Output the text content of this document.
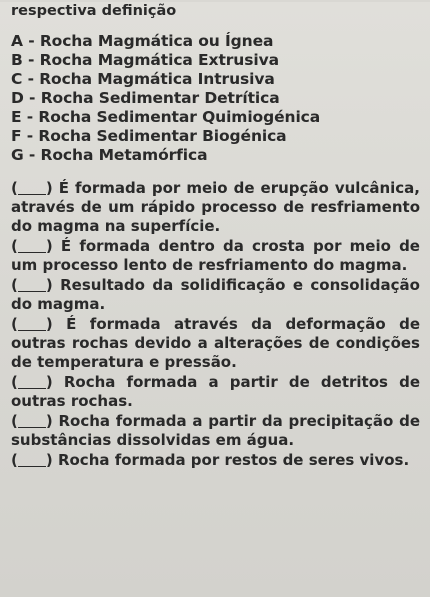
respectiva definição
A - Rocha Magmática ou Ígnea
B - Rocha Magmática Extrusiva
C - Rocha Magmática Intrusiva
D - Rocha Sedimentar Detrítica
E - Rocha Sedimentar Quimiogénica
F - Rocha Sedimentar Biogénica
G - Rocha Metamórfica
( ) É formada por meio de erupção vulcânica, através de um rápido processo de resfriamento do magma na superfície.
( ) É formada dentro da crosta por meio de um processo lento de resfriamento do magma.
( ) Resultado da solidificação e consolidação do magma.
( ) É formada através da deformação de outras rochas devido a alterações de condições de temperatura e pressão.
( ) Rocha formada a partir de detritos de outras rochas.
( ) Rocha formada a partir da precipitação de substâncias dissolvidas em água.
( ) Rocha formada por restos de seres vivos.
